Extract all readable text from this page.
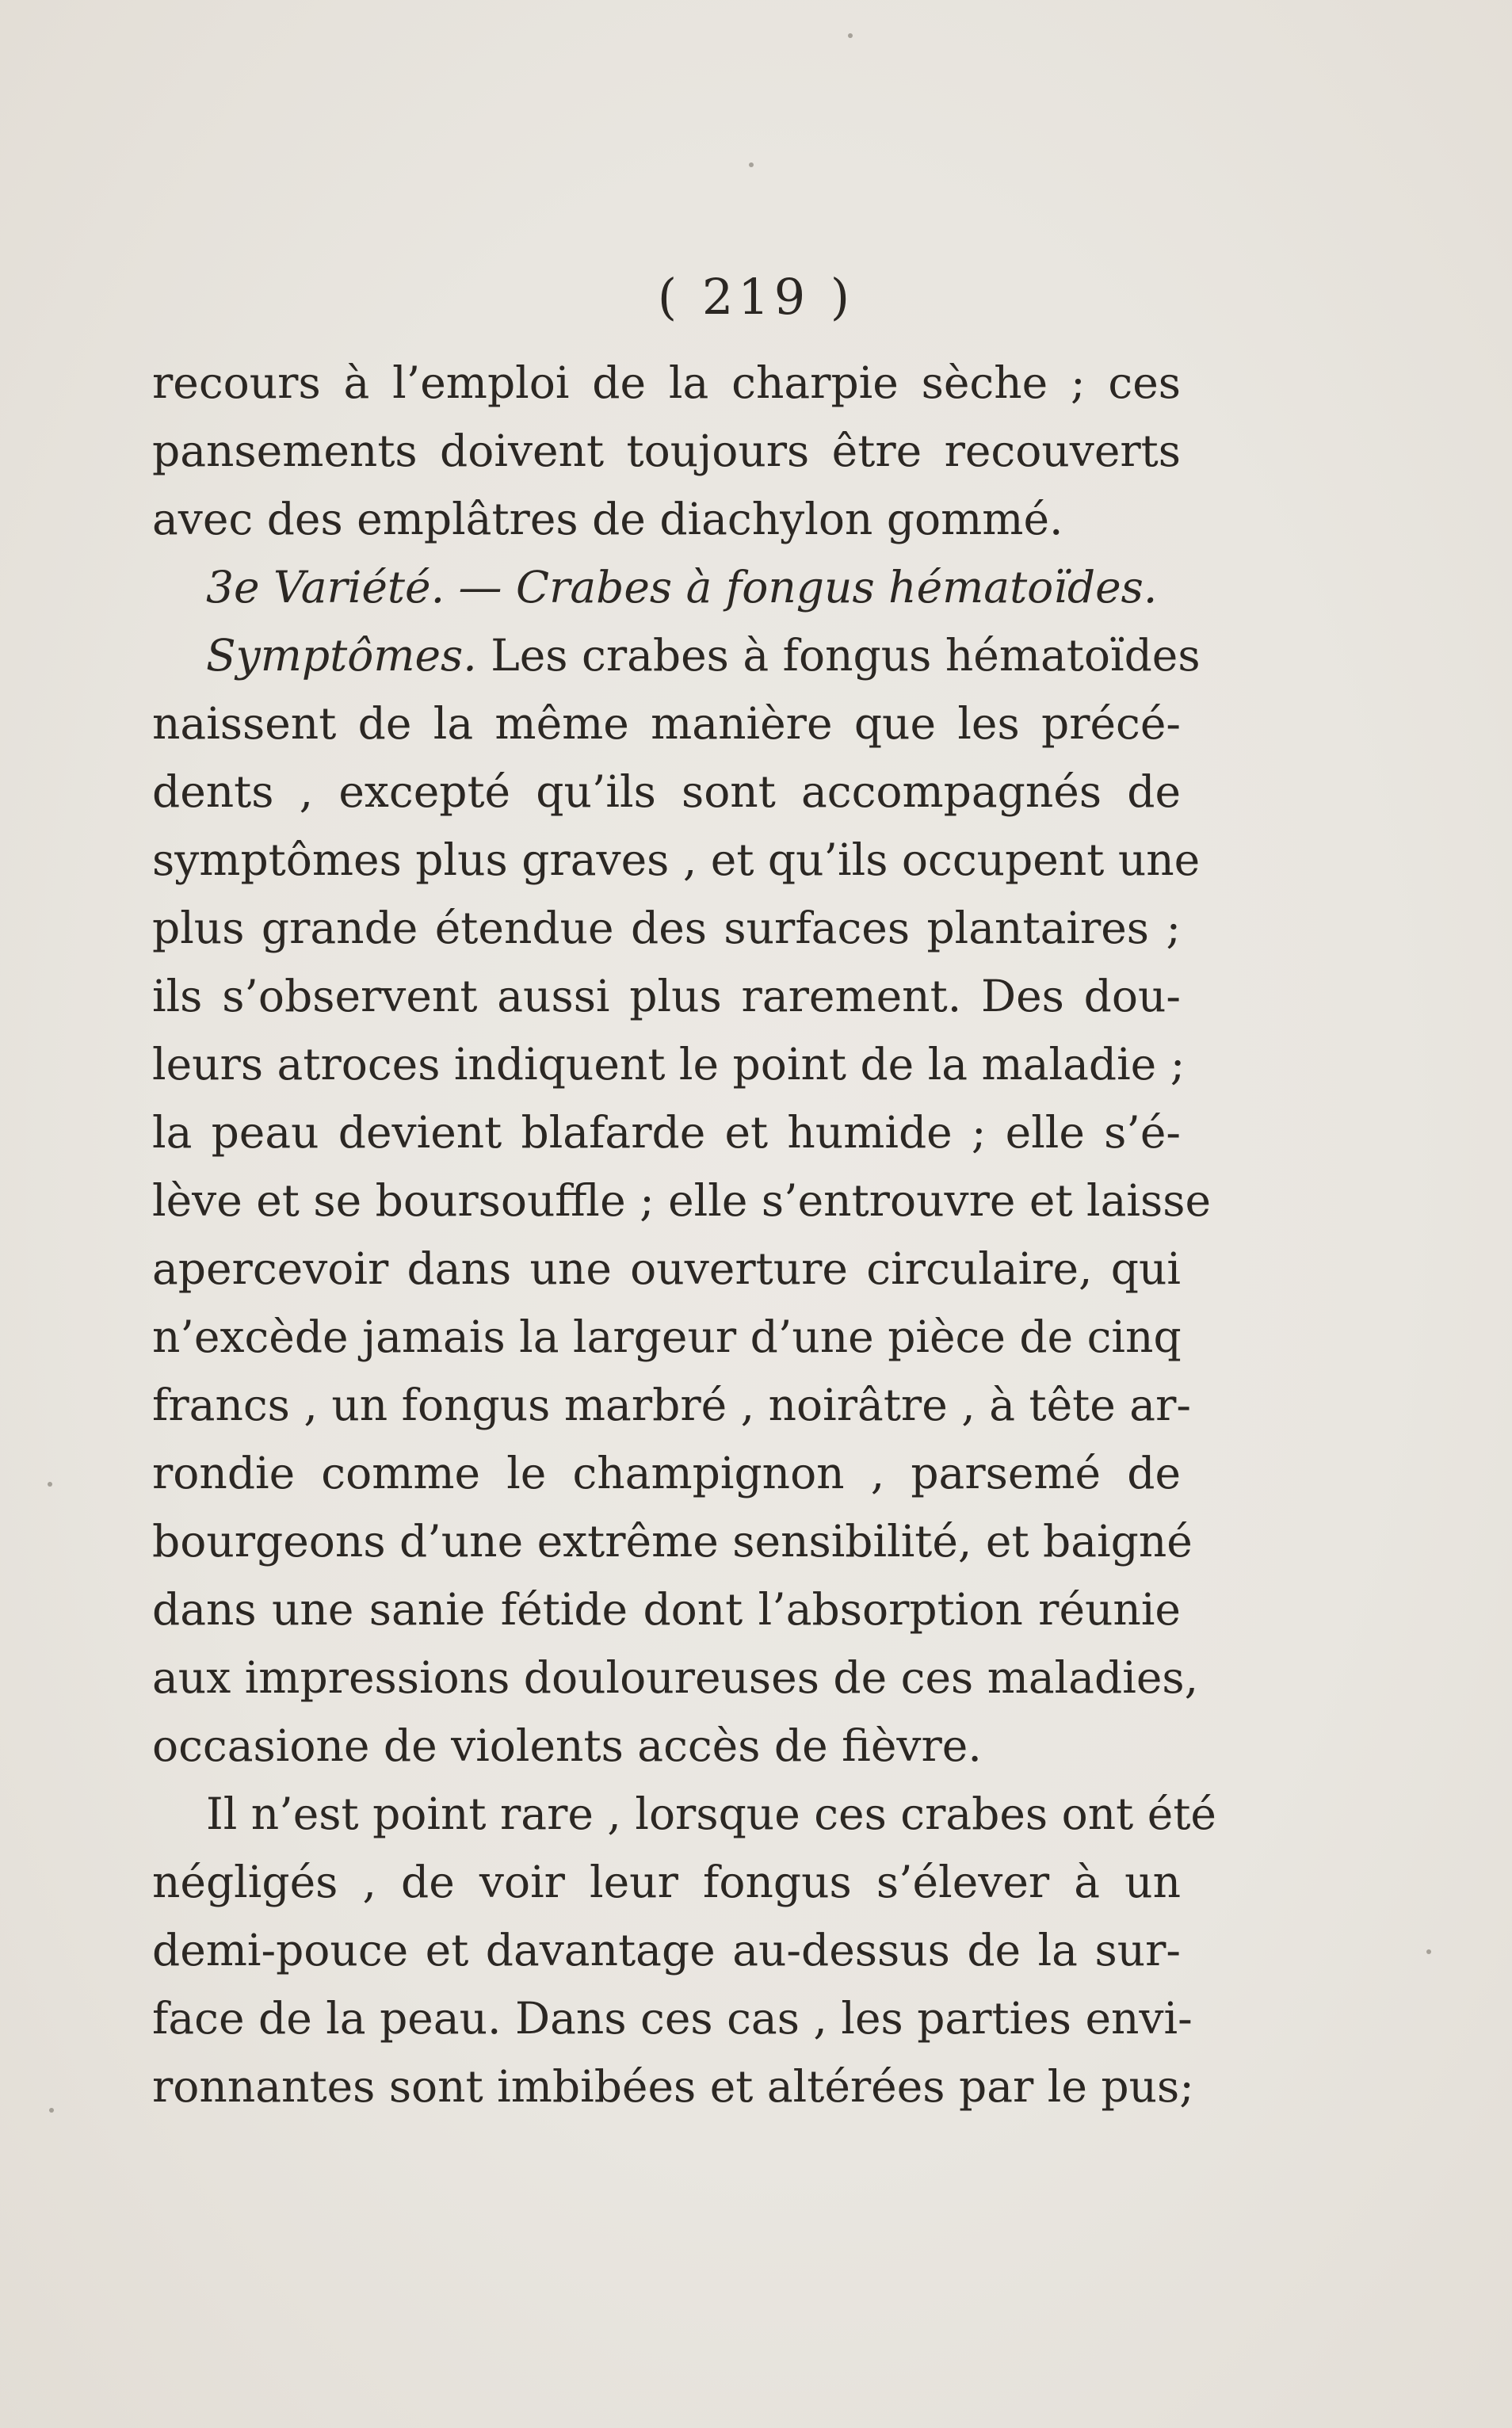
( 219 )
recours à l’emploi de la charpie sèche ; ces
pansements doivent toujours être recouverts
avec des emplâtres de diachylon gommé.
3e Variété. — Crabes à fongus hématoïdes.
Symptômes. Les crabes à fongus hématoïdes
naissent de la même manière que les précé-
dents , excepté qu’ils sont accompagnés de
symptômes plus graves , et qu’ils occupent une
plus grande étendue des surfaces plantaires ;
ils s’observent aussi plus rarement. Des dou-
leurs atroces indiquent le point de la maladie ;
la peau devient blafarde et humide ; elle s’é-
lève et se boursouffle ; elle s’entrouvre et laisse
apercevoir dans une ouverture circulaire, qui
n’excède jamais la largeur d’une pièce de cinq
francs , un fongus marbré , noirâtre , à tête ar-
rondie comme le champignon , parsemé de
bourgeons d’une extrême sensibilité, et baigné
dans une sanie fétide dont l’absorption réunie
aux impressions douloureuses de ces maladies,
occasione de violents accès de fièvre.
Il n’est point rare , lorsque ces crabes ont été
négligés , de voir leur fongus s’élever à un
demi-pouce et davantage au-dessus de la sur-
face de la peau. Dans ces cas , les parties envi-
ronnantes sont imbibées et altérées par le pus;
